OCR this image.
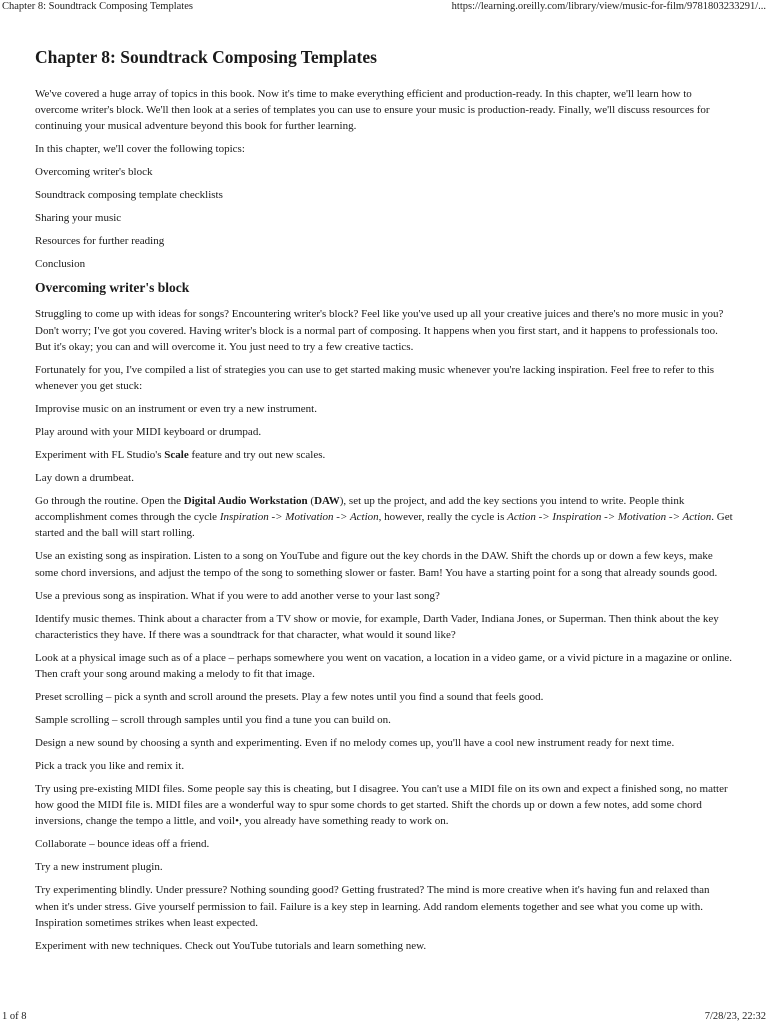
Chapter 8: Soundtrack Composing Templates	https://learning.oreilly.com/library/view/music-for-film/9781803233291/...
Chapter 8: Soundtrack Composing Templates

We've covered a huge array of topics in this book. Now it's time to make everything efficient and production-ready. In this chapter, we'll learn how to overcome writer's block. We'll then look at a series of templates you can use to ensure your music is production-ready. Finally, we'll discuss resources for continuing your musical adventure beyond this book for further learning.

In this chapter, we'll cover the following topics:

Overcoming writer's block

Soundtrack composing template checklists

Sharing your music

Resources for further reading

Conclusion

Overcoming writer's block

Struggling to come up with ideas for songs? Encountering writer's block? Feel like you've used up all your creative juices and there's no more music in you? Don't worry; I've got you covered. Having writer's block is a normal part of composing. It happens when you first start, and it happens to professionals too. But it's okay; you can and will overcome it. You just need to try a few creative tactics.

Fortunately for you, I've compiled a list of strategies you can use to get started making music whenever you're lacking inspiration. Feel free to refer to this whenever you get stuck:

Improvise music on an instrument or even try a new instrument.

Play around with your MIDI keyboard or drumpad.

Experiment with FL Studio's Scale feature and try out new scales.

Lay down a drumbeat.

Go through the routine. Open the Digital Audio Workstation (DAW), set up the project, and add the key sections you intend to write. People think accomplishment comes through the cycle Inspiration -> Motivation -> Action, however, really the cycle is Action -> Inspiration -> Motivation -> Action. Get started and the ball will start rolling.

Use an existing song as inspiration. Listen to a song on YouTube and figure out the key chords in the DAW. Shift the chords up or down a few keys, make some chord inversions, and adjust the tempo of the song to something slower or faster. Bam! You have a starting point for a song that already sounds good.

Use a previous song as inspiration. What if you were to add another verse to your last song?

Identify music themes. Think about a character from a TV show or movie, for example, Darth Vader, Indiana Jones, or Superman. Then think about the key characteristics they have. If there was a soundtrack for that character, what would it sound like?

Look at a physical image such as of a place – perhaps somewhere you went on vacation, a location in a video game, or a vivid picture in a magazine or online. Then craft your song around making a melody to fit that image.

Preset scrolling – pick a synth and scroll around the presets. Play a few notes until you find a sound that feels good.

Sample scrolling – scroll through samples until you find a tune you can build on.

Design a new sound by choosing a synth and experimenting. Even if no melody comes up, you'll have a cool new instrument ready for next time.

Pick a track you like and remix it.

Try using pre-existing MIDI files. Some people say this is cheating, but I disagree. You can't use a MIDI file on its own and expect a finished song, no matter how good the MIDI file is. MIDI files are a wonderful way to spur some chords to get started. Shift the chords up or down a few notes, add some chord inversions, change the tempo a little, and voil•, you already have something ready to work on.

Collaborate – bounce ideas off a friend.

Try a new instrument plugin.

Try experimenting blindly. Under pressure? Nothing sounding good? Getting frustrated? The mind is more creative when it's having fun and relaxed than when it's under stress. Give yourself permission to fail. Failure is a key step in learning. Add random elements together and see what you come up with. Inspiration sometimes strikes when least expected.

Experiment with new techniques. Check out YouTube tutorials and learn something new.

1 of 8	7/28/23, 22:32
